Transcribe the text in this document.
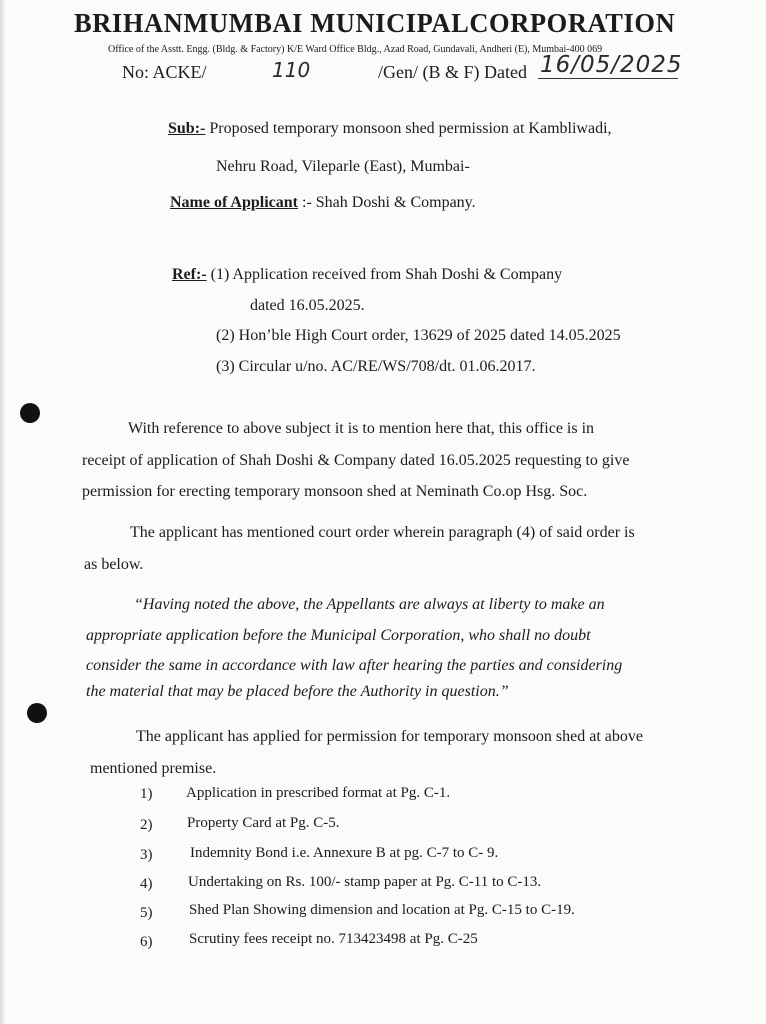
BRIHANMUMBAI MUNICIPALCORPORATION
Office of the Asstt. Engg. (Bldg. & Factory) K/E Ward Office Bldg., Azad Road, Gundavali, Andheri (E), Mumbai-400 069
No: ACKE/	110	/Gen/ (B & F) Dated 16/05/2025
Sub:- Proposed temporary monsoon shed permission at Kambliwadi,
Nehru Road, Vileparle (East), Mumbai-
Name of Applicant :- Shah Doshi & Company.
Ref:- (1) Application received from Shah Doshi & Company
dated 16.05.2025.
(2) Hon’ble High Court order, 13629 of 2025 dated 14.05.2025
(3) Circular u/no. AC/RE/WS/708/dt. 01.06.2017.
With reference to above subject it is to mention here that, this office is in
receipt of application of Shah Doshi & Company dated 16.05.2025 requesting to give
permission for erecting temporary monsoon shed at Neminath Co.op Hsg. Soc.
The applicant has mentioned court order wherein paragraph (4) of said order is
as below.
“Having noted the above, the Appellants are always at liberty to make an
appropriate application before the Municipal Corporation, who shall no doubt
consider the same in accordance with law after hearing the parties and considering
the material that may be placed before the Authority in question.”
The applicant has applied for permission for temporary monsoon shed at above
mentioned premise.
1) Application in prescribed format at Pg. C-1.
2) Property Card at Pg. C-5.
3)	Indemnity Bond i.e. Annexure B at pg. C-7 to C- 9.
4) Undertaking on Rs. 100/- stamp paper at Pg. C-11 to C-13.
5) Shed Plan Showing dimension and location at Pg. C-15 to C-19.
6) Scrutiny fees receipt no. 713423498 at Pg. C-25
